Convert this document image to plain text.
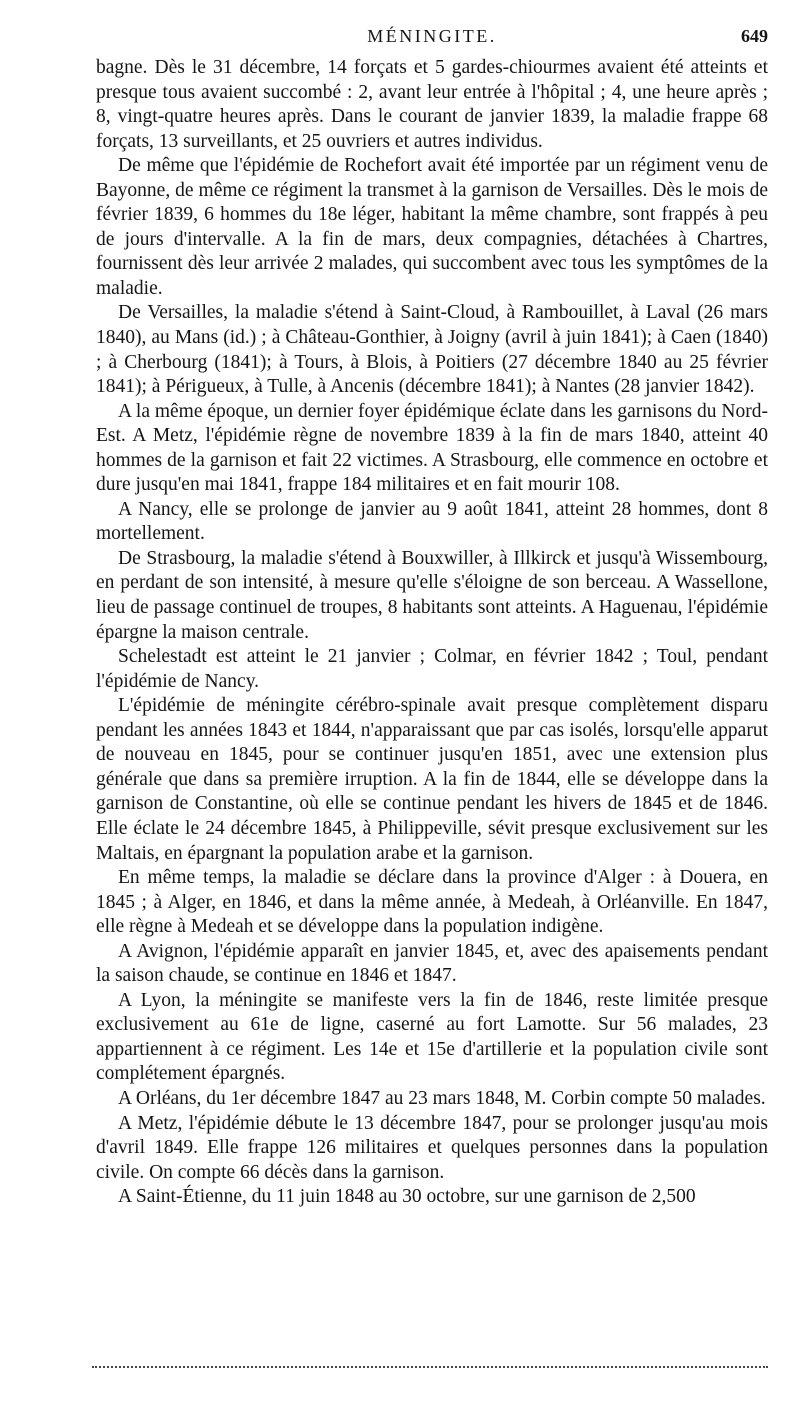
MÉNINGITE.	649

bagne. Dès le 31 décembre, 14 forçats et 5 gardes-chiourmes avaient été atteints et presque tous avaient succombé : 2, avant leur entrée à l'hôpital ; 4, une heure après ; 8, vingt-quatre heures après. Dans le courant de janvier 1839, la maladie frappe 68 forçats, 13 surveillants, et 25 ouvriers et autres individus.

De même que l'épidémie de Rochefort avait été importée par un régiment venu de Bayonne, de même ce régiment la transmet à la garnison de Versailles. Dès le mois de février 1839, 6 hommes du 18e léger, habitant la même chambre, sont frappés à peu de jours d'intervalle. A la fin de mars, deux compagnies, détachées à Chartres, fournissent dès leur arrivée 2 malades, qui succombent avec tous les symptômes de la maladie.

De Versailles, la maladie s'étend à Saint-Cloud, à Rambouillet, à Laval (26 mars 1840), au Mans (id.) ; à Château-Gonthier, à Joigny (avril à juin 1841); à Caen (1840) ; à Cherbourg (1841); à Tours, à Blois, à Poitiers (27 décembre 1840 au 25 février 1841); à Périgueux, à Tulle, à Ancenis (décembre 1841); à Nantes (28 janvier 1842).

A la même époque, un dernier foyer épidémique éclate dans les garnisons du Nord-Est. A Metz, l'épidémie règne de novembre 1839 à la fin de mars 1840, atteint 40 hommes de la garnison et fait 22 victimes. A Strasbourg, elle commence en octobre et dure jusqu'en mai 1841, frappe 184 militaires et en fait mourir 108.

A Nancy, elle se prolonge de janvier au 9 août 1841, atteint 28 hommes, dont 8 mortellement.

De Strasbourg, la maladie s'étend à Bouxwiller, à Illkirck et jusqu'à Wissembourg, en perdant de son intensité, à mesure qu'elle s'éloigne de son berceau. A Wassellone, lieu de passage continuel de troupes, 8 habitants sont atteints. A Haguenau, l'épidémie épargne la maison centrale.

Schelestadt est atteint le 21 janvier ; Colmar, en février 1842 ; Toul, pendant l'épidémie de Nancy.

L'épidémie de méningite cérébro-spinale avait presque complètement disparu pendant les années 1843 et 1844, n'apparaissant que par cas isolés, lorsqu'elle apparut de nouveau en 1845, pour se continuer jusqu'en 1851, avec une extension plus générale que dans sa première irruption. A la fin de 1844, elle se développe dans la garnison de Constantine, où elle se continue pendant les hivers de 1845 et de 1846. Elle éclate le 24 décembre 1845, à Philippeville, sévit presque exclusivement sur les Maltais, en épargnant la population arabe et la garnison.

En même temps, la maladie se déclare dans la province d'Alger : à Douera, en 1845 ; à Alger, en 1846, et dans la même année, à Medeah, à Orléanville. En 1847, elle règne à Medeah et se développe dans la population indigène.

A Avignon, l'épidémie apparaît en janvier 1845, et, avec des apaisements pendant la saison chaude, se continue en 1846 et 1847.

A Lyon, la méningite se manifeste vers la fin de 1846, reste limitée presque exclusivement au 61e de ligne, caserné au fort Lamotte. Sur 56 malades, 23 appartiennent à ce régiment. Les 14e et 15e d'artillerie et la population civile sont complétement épargnés.

A Orléans, du 1er décembre 1847 au 23 mars 1848, M. Corbin compte 50 malades.

A Metz, l'épidémie débute le 13 décembre 1847, pour se prolonger jusqu'au mois d'avril 1849. Elle frappe 126 militaires et quelques personnes dans la population civile. On compte 66 décès dans la garnison.

A Saint-Étienne, du 11 juin 1848 au 30 octobre, sur une garnison de 2,500
